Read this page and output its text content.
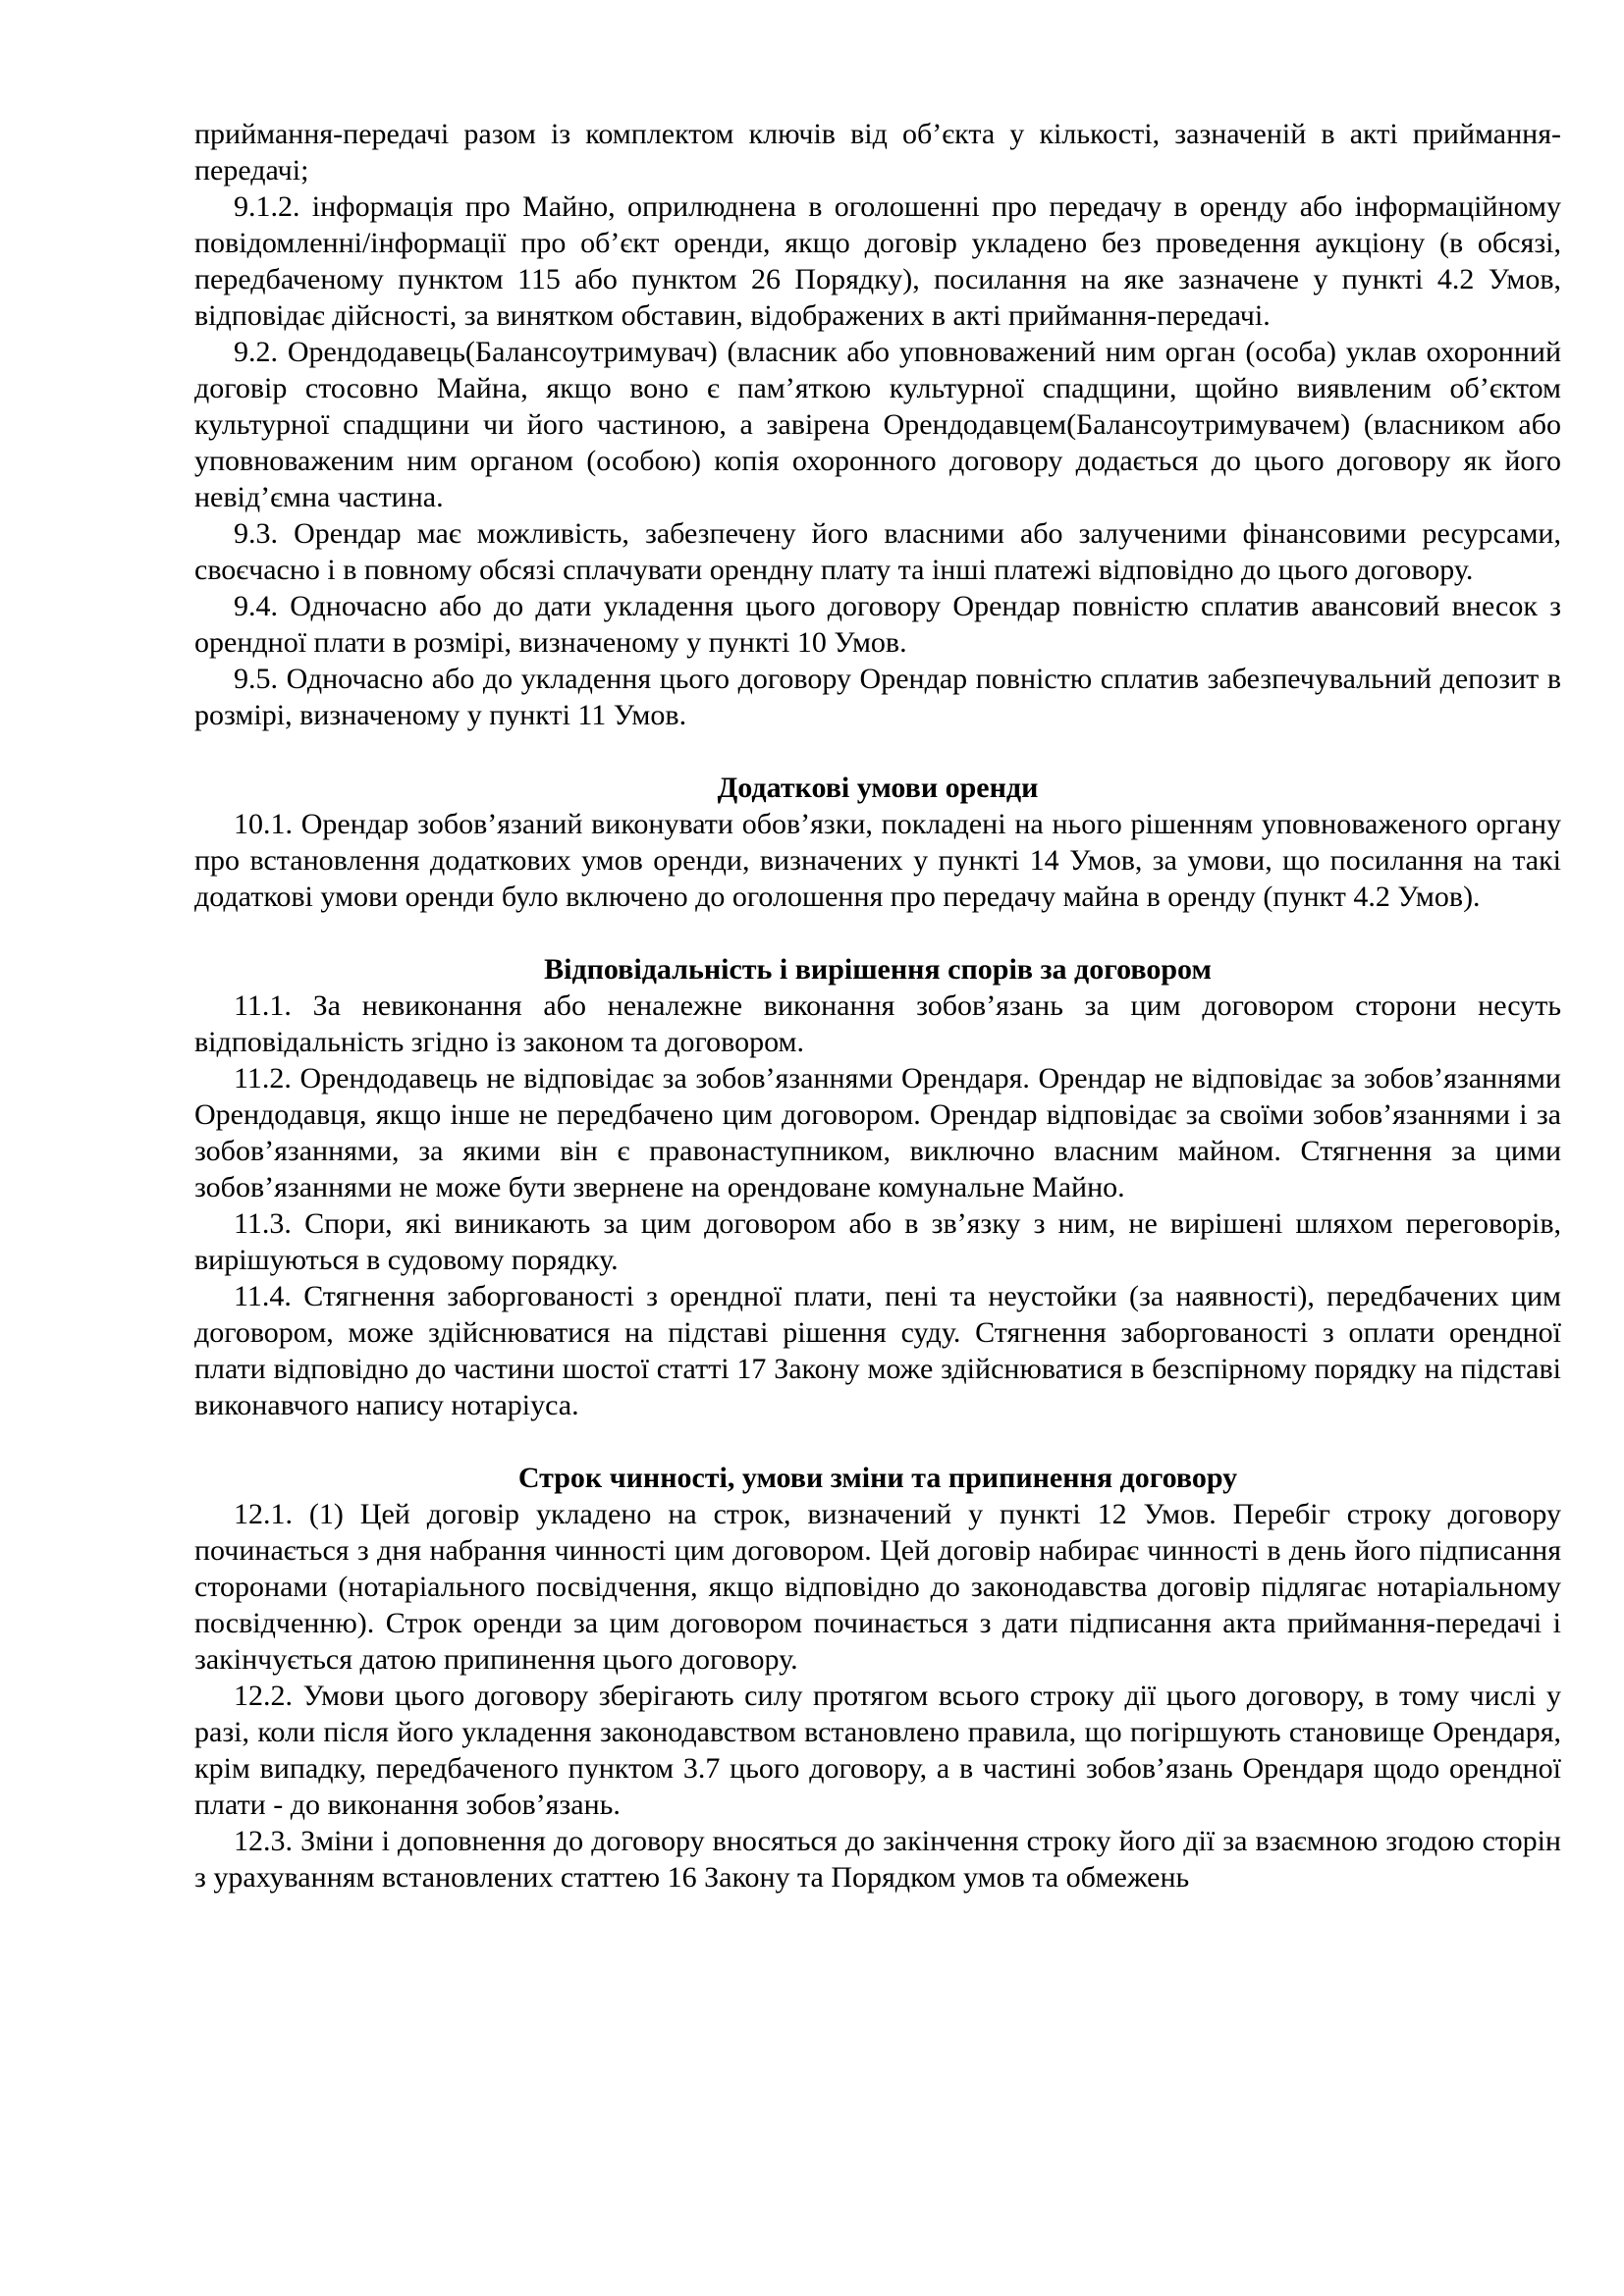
приймання-передачі разом із комплектом ключів від об’єкта у кількості, зазначеній в акті приймання-передачі;

9.1.2. інформація про Майно, оприлюднена в оголошенні про передачу в оренду або інформаційному повідомленні/інформації про об’єкт оренди, якщо договір укладено без проведення аукціону (в обсязі, передбаченому пунктом 115 або пунктом 26 Порядку), посилання на яке зазначене у пункті 4.2 Умов, відповідає дійсності, за винятком обставин, відображених в акті приймання-передачі.

9.2. Орендодавець(Балансоутримувач) (власник або уповноважений ним орган (особа) уклав охоронний договір стосовно Майна, якщо воно є пам’яткою культурної спадщини, щойно виявленим об’єктом культурної спадщини чи його частиною, а завірена Орендодавцем(Балансоутримувачем) (власником або уповноваженим ним органом (особою) копія охоронного договору додається до цього договору як його невід’ємна частина.

9.3. Орендар має можливість, забезпечену його власними або залученими фінансовими ресурсами, своєчасно і в повному обсязі сплачувати орендну плату та інші платежі відповідно до цього договору.

9.4. Одночасно або до дати укладення цього договору Орендар повністю сплатив авансовий внесок з орендної плати в розмірі, визначеному у пункті 10 Умов.

9.5. Одночасно або до укладення цього договору Орендар повністю сплатив забезпечувальний депозит в розмірі, визначеному у пункті 11 Умов.

Додаткові умови оренди

10.1. Орендар зобов’язаний виконувати обов’язки, покладені на нього рішенням уповноваженого органу про встановлення додаткових умов оренди, визначених у пункті 14 Умов, за умови, що посилання на такі додаткові умови оренди було включено до оголошення про передачу майна в оренду (пункт 4.2 Умов).

Відповідальність і вирішення спорів за договором

11.1. За невиконання або неналежне виконання зобов’язань за цим договором сторони несуть відповідальність згідно із законом та договором.

11.2. Орендодавець не відповідає за зобов’язаннями Орендаря. Орендар не відповідає за зобов’язаннями Орендодавця, якщо інше не передбачено цим договором. Орендар відповідає за своїми зобов’язаннями і за зобов’язаннями, за якими він є правонаступником, виключно власним майном. Стягнення за цими зобов’язаннями не може бути звернене на орендоване комунальне Майно.

11.3. Спори, які виникають за цим договором або в зв’язку з ним, не вирішені шляхом переговорів, вирішуються в судовому порядку.

11.4. Стягнення заборгованості з орендної плати, пені та неустойки (за наявності), передбачених цим договором, може здійснюватися на підставі рішення суду. Стягнення заборгованості з оплати орендної плати відповідно до частини шостої статті 17 Закону може здійснюватися в безспірному порядку на підставі виконавчого напису нотаріуса.

Строк чинності, умови зміни та припинення договору

12.1. (1) Цей договір укладено на строк, визначений у пункті 12 Умов. Перебіг строку договору починається з дня набрання чинності цим договором. Цей договір набирає чинності в день його підписання сторонами (нотаріального посвідчення, якщо відповідно до законодавства договір підлягає нотаріальному посвідченню). Строк оренди за цим договором починається з дати підписання акта приймання-передачі і закінчується датою припинення цього договору.

12.2. Умови цього договору зберігають силу протягом всього строку дії цього договору, в тому числі у разі, коли після його укладення законодавством встановлено правила, що погіршують становище Орендаря, крім випадку, передбаченого пунктом 3.7 цього договору, а в частині зобов’язань Орендаря щодо орендної плати - до виконання зобов’язань.

12.3. Зміни і доповнення до договору вносяться до закінчення строку його дії за взаємною згодою сторін з урахуванням встановлених статтею 16 Закону та Порядком умов та обмежень
